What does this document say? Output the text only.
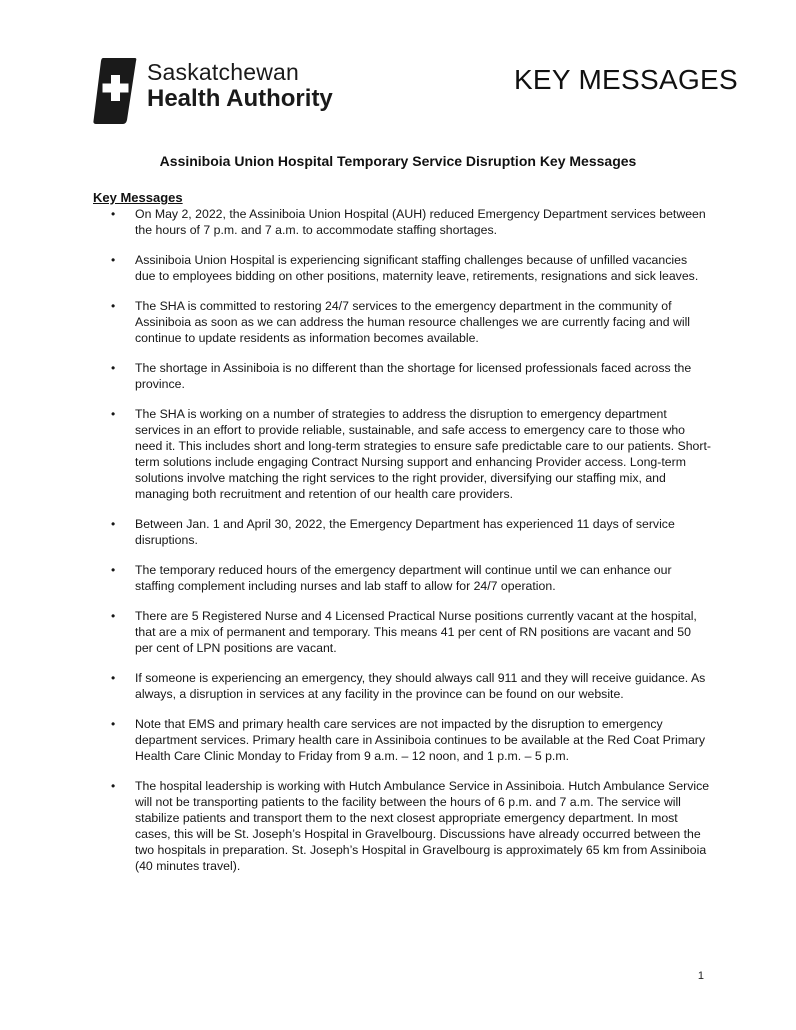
Saskatchewan
Health Authority
KEY MESSAGES
Assiniboia Union Hospital Temporary Service Disruption Key Messages
Key Messages
• On May 2, 2022, the Assiniboia Union Hospital (AUH) reduced Emergency Department services between the hours of 7 p.m. and 7 a.m. to accommodate staffing shortages.
• Assiniboia Union Hospital is experiencing significant staffing challenges because of unfilled vacancies due to employees bidding on other positions, maternity leave, retirements, resignations and sick leaves.
• The SHA is committed to restoring 24/7 services to the emergency department in the community of Assiniboia as soon as we can address the human resource challenges we are currently facing and will continue to update residents as information becomes available.
• The shortage in Assiniboia is no different than the shortage for licensed professionals faced across the province.
• The SHA is working on a number of strategies to address the disruption to emergency department services in an effort to provide reliable, sustainable, and safe access to emergency care to those who need it. This includes short and long-term strategies to ensure safe predictable care to our patients. Short-term solutions include engaging Contract Nursing support and enhancing Provider access. Long-term solutions involve matching the right services to the right provider, diversifying our staffing mix, and managing both recruitment and retention of our health care providers.
• Between Jan. 1 and April 30, 2022, the Emergency Department has experienced 11 days of service disruptions.
• The temporary reduced hours of the emergency department will continue until we can enhance our staffing complement including nurses and lab staff to allow for 24/7 operation.
• There are 5 Registered Nurse and 4 Licensed Practical Nurse positions currently vacant at the hospital, that are a mix of permanent and temporary. This means 41 per cent of RN positions are vacant and 50 per cent of LPN positions are vacant.
• If someone is experiencing an emergency, they should always call 911 and they will receive guidance. As always, a disruption in services at any facility in the province can be found on our website.
• Note that EMS and primary health care services are not impacted by the disruption to emergency department services. Primary health care in Assiniboia continues to be available at the Red Coat Primary Health Care Clinic Monday to Friday from 9 a.m. – 12 noon, and 1 p.m. – 5 p.m.
• The hospital leadership is working with Hutch Ambulance Service in Assiniboia. Hutch Ambulance Service will not be transporting patients to the facility between the hours of 6 p.m. and 7 a.m. The service will stabilize patients and transport them to the next closest appropriate emergency department. In most cases, this will be St. Joseph’s Hospital in Gravelbourg. Discussions have already occurred between the two hospitals in preparation. St. Joseph’s Hospital in Gravelbourg is approximately 65 km from Assiniboia (40 minutes travel).
1
